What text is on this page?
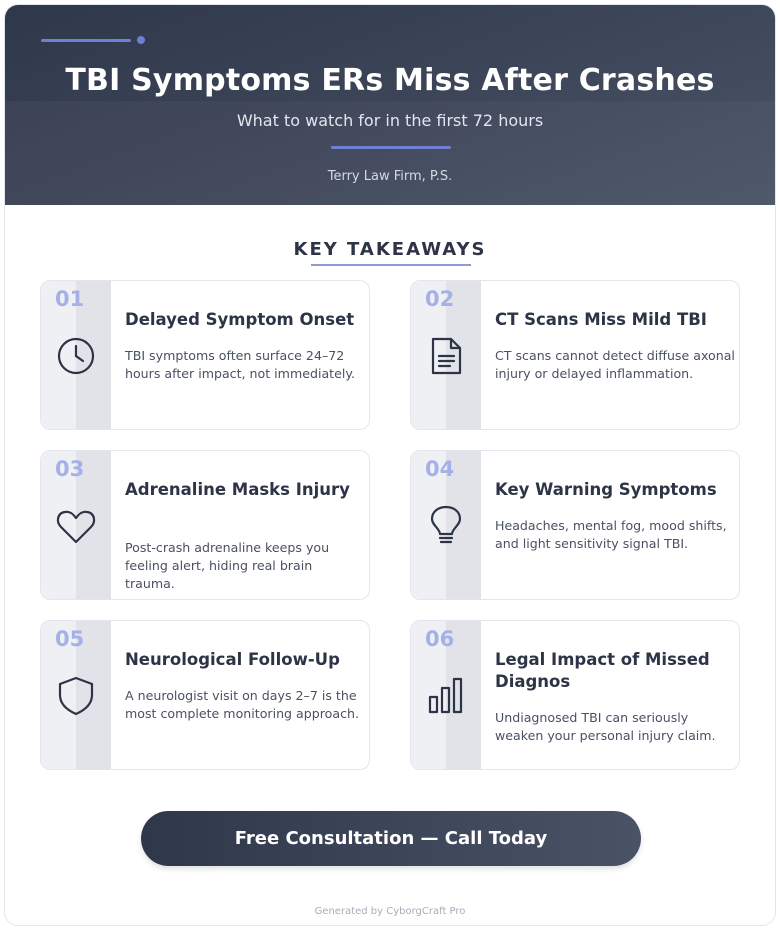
TBI Symptoms ERs Miss After Crashes
What to watch for in the first 72 hours
Terry Law Firm, P.S.
KEY TAKEAWAYS
01
Delayed Symptom Onset
TBI symptoms often surface 24–72 hours after impact, not immediately.
02
CT Scans Miss Mild TBI
CT scans cannot detect diffuse axonal injury or delayed inflammation.
03
Adrenaline Masks Injury
Post-crash adrenaline keeps you feeling alert, hiding real brain trauma.
04
Key Warning Symptoms
Headaches, mental fog, mood shifts, and light sensitivity signal TBI.
05
Neurological Follow-Up
A neurologist visit on days 2–7 is the most complete monitoring approach.
06
Legal Impact of Missed Diagnos
Undiagnosed TBI can seriously weaken your personal injury claim.
Free Consultation — Call Today
Generated by CyborgCraft Pro
